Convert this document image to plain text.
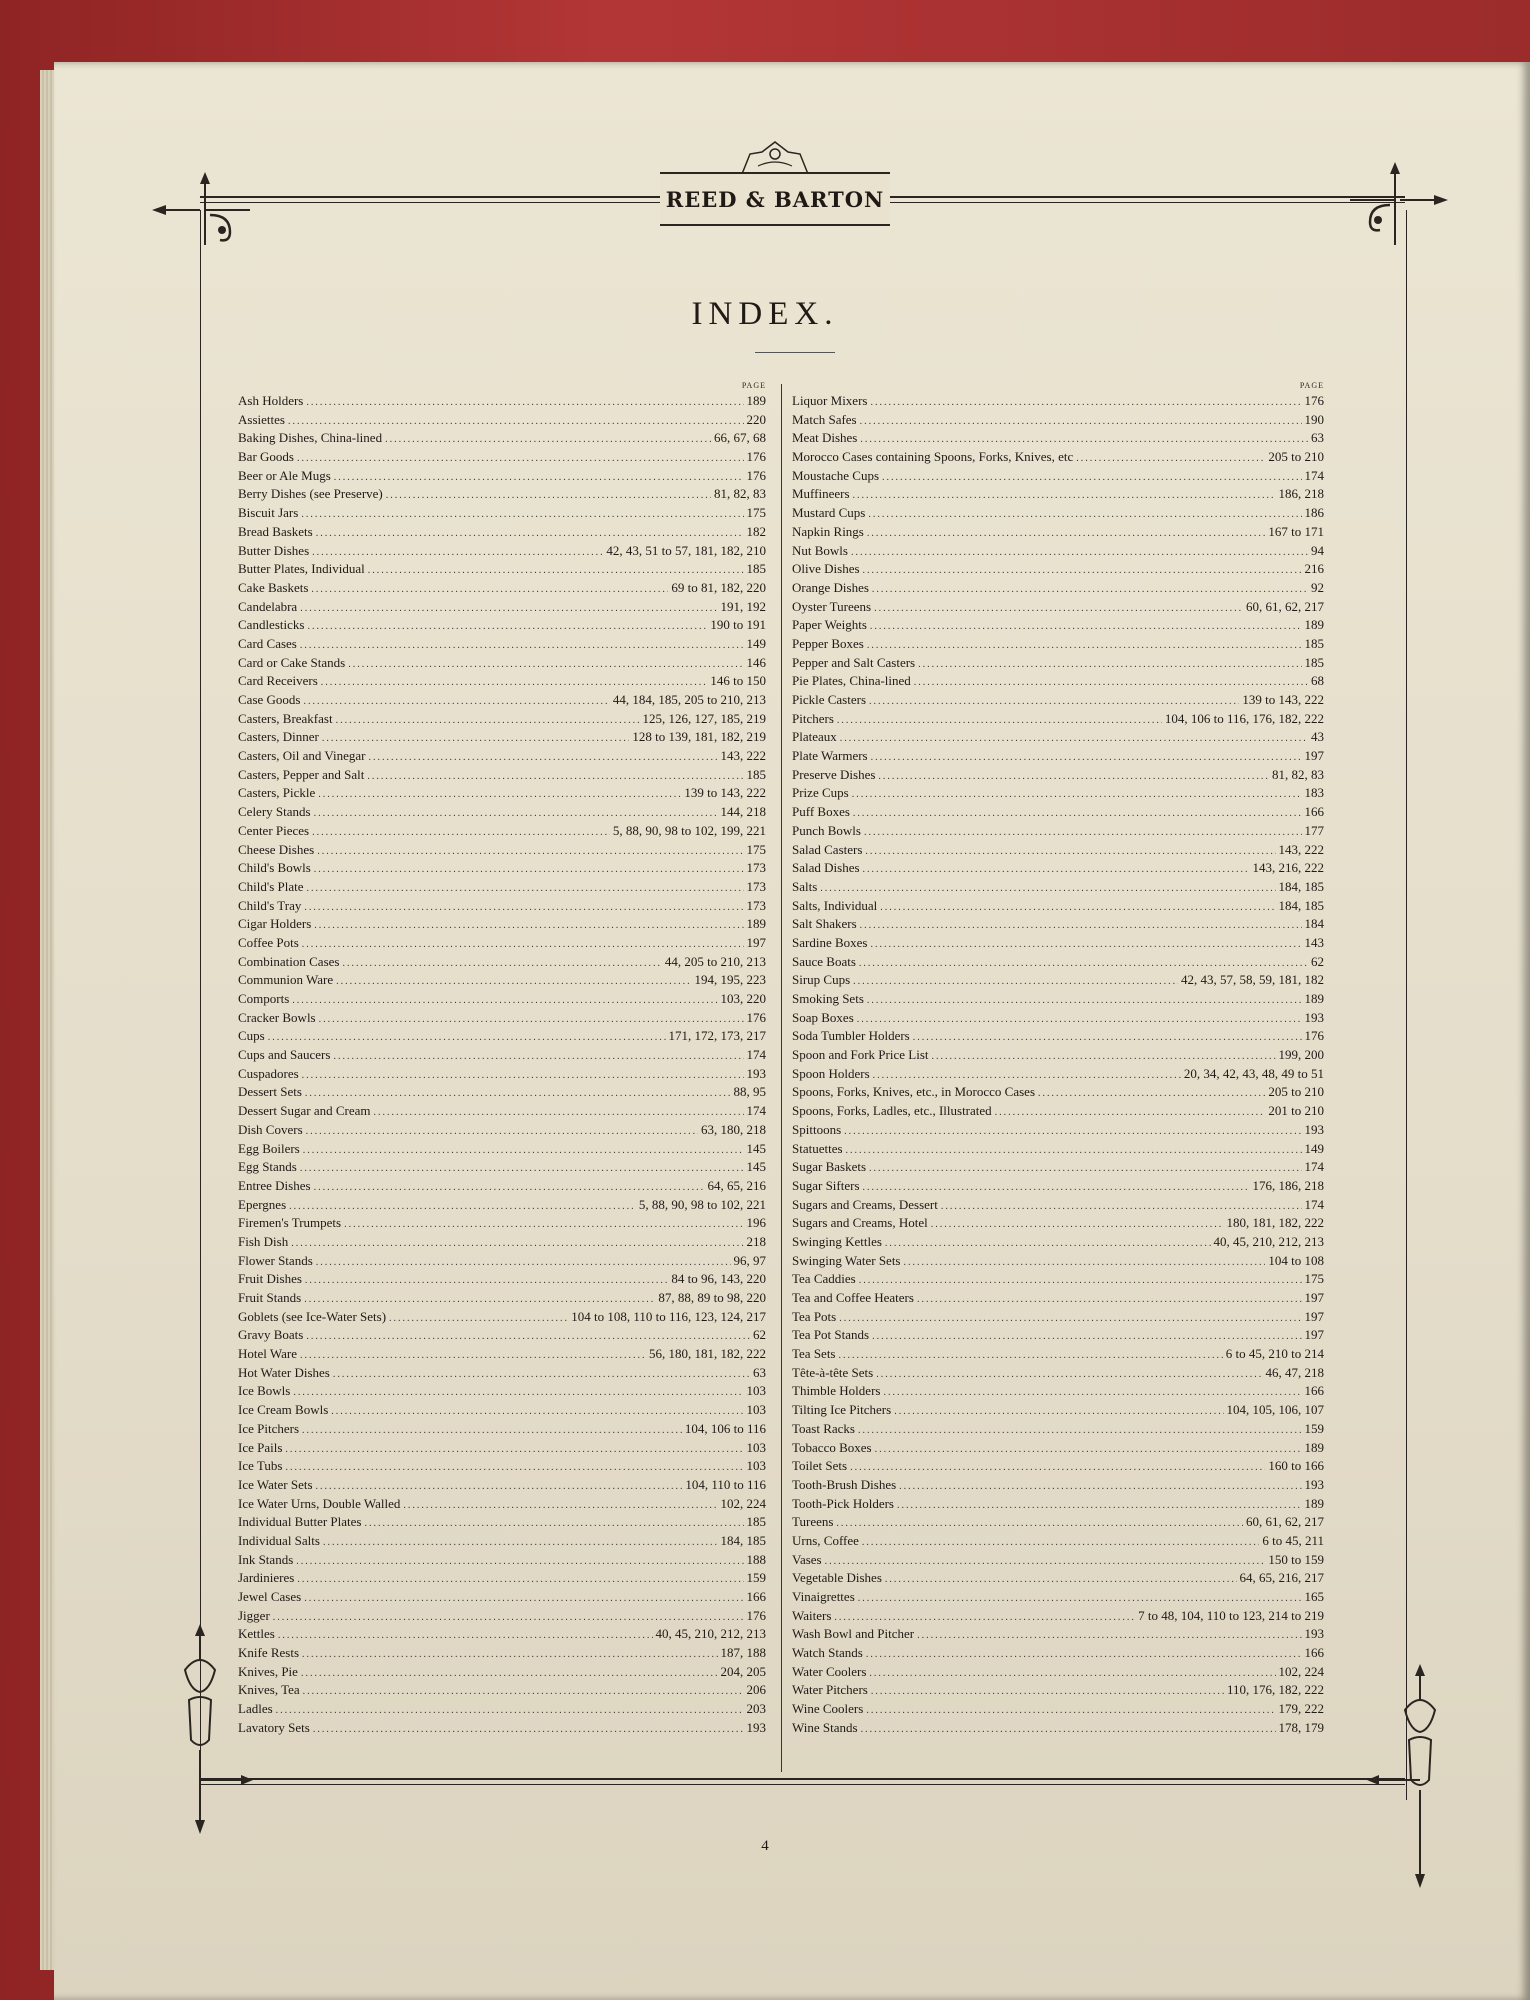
REED & BARTON
INDEX.
PAGE
Ash Holders .....	189
Assiettes .....	220
Baking Dishes, China-lined .....	66, 67, 68
Bar Goods .....	176
Beer or Ale Mugs .....	176
Berry Dishes (see Preserve) .....	81, 82, 83
Biscuit Jars .....	175
Bread Baskets .....	182
Butter Dishes .....	42, 43, 51 to 57, 181, 182, 210
Butter Plates, Individual .....	185
Cake Baskets .....	69 to 81, 182, 220
Candelabra .....	191, 192
Candlesticks .....	190 to 191
Card Cases .....	149
Card or Cake Stands .....	146
Card Receivers .....	146 to 150
Case Goods .....	44, 184, 185, 205 to 210, 213
Casters, Breakfast .....	125, 126, 127, 185, 219
Casters, Dinner .....	128 to 139, 181, 182, 219
Casters, Oil and Vinegar .....	143, 222
Casters, Pepper and Salt .....	185
Casters, Pickle .....	139 to 143, 222
Celery Stands .....	144, 218
Center Pieces .....	5, 88, 90, 98 to 102, 199, 221
Cheese Dishes .....	175
Child's Bowls .....	173
Child's Plate .....	173
Child's Tray .....	173
Cigar Holders .....	189
Coffee Pots .....	197
Combination Cases .....	44, 205 to 210, 213
Communion Ware .....	194, 195, 223
Comports .....	103, 220
Cracker Bowls .....	176
Cups .....	171, 172, 173, 217
Cups and Saucers .....	174
Cuspadores .....	193
Dessert Sets .....	88, 95
Dessert Sugar and Cream .....	174
Dish Covers .....	63, 180, 218
Egg Boilers .....	145
Egg Stands .....	145
Entree Dishes .....	64, 65, 216
Epergnes .....	5, 88, 90, 98 to 102, 221
Firemen's Trumpets .....	196
Fish Dish .....	218
Flower Stands .....	96, 97
Fruit Dishes .....	84 to 96, 143, 220
Fruit Stands .....	87, 88, 89 to 98, 220
Goblets (see Ice-Water Sets) .....	104 to 108, 110 to 116, 123, 124, 217
Gravy Boats .....	62
Hotel Ware .....	56, 180, 181, 182, 222
Hot Water Dishes .....	63
Ice Bowls .....	103
Ice Cream Bowls .....	103
Ice Pitchers .....	104, 106 to 116
Ice Pails .....	103
Ice Tubs .....	103
Ice Water Sets .....	104, 110 to 116
Ice Water Urns, Double Walled .....	102, 224
Individual Butter Plates .....	185
Individual Salts .....	184, 185
Ink Stands .....	188
Jardinieres .....	159
Jewel Cases .....	166
Jigger .....	176
Kettles .....	40, 45, 210, 212, 213
Knife Rests .....	187, 188
Knives, Pie .....	204, 205
Knives, Tea .....	206
Ladles .....	203
Lavatory Sets .....	193
PAGE
Liquor Mixers .....	176
Match Safes .....	190
Meat Dishes .....	63
Morocco Cases containing Spoons, Forks, Knives, etc .....	205 to 210
Moustache Cups .....	174
Muffineers .....	186, 218
Mustard Cups .....	186
Napkin Rings .....	167 to 171
Nut Bowls .....	94
Olive Dishes .....	216
Orange Dishes .....	92
Oyster Tureens .....	60, 61, 62, 217
Paper Weights .....	189
Pepper Boxes .....	185
Pepper and Salt Casters .....	185
Pie Plates, China-lined .....	68
Pickle Casters .....	139 to 143, 222
Pitchers .....	104, 106 to 116, 176, 182, 222
Plateaux .....	43
Plate Warmers .....	197
Preserve Dishes .....	81, 82, 83
Prize Cups .....	183
Puff Boxes .....	166
Punch Bowls .....	177
Salad Casters .....	143, 222
Salad Dishes .....	143, 216, 222
Salts .....	184, 185
Salts, Individual .....	184, 185
Salt Shakers .....	184
Sardine Boxes .....	143
Sauce Boats .....	62
Sirup Cups .....	42, 43, 57, 58, 59, 181, 182
Smoking Sets .....	189
Soap Boxes .....	193
Soda Tumbler Holders .....	176
Spoon and Fork Price List .....	199, 200
Spoon Holders .....	20, 34, 42, 43, 48, 49 to 51
Spoons, Forks, Knives, etc., in Morocco Cases .....	205 to 210
Spoons, Forks, Ladles, etc., Illustrated .....	201 to 210
Spittoons .....	193
Statuettes .....	149
Sugar Baskets .....	174
Sugar Sifters .....	176, 186, 218
Sugars and Creams, Dessert .....	174
Sugars and Creams, Hotel .....	180, 181, 182, 222
Swinging Kettles .....	40, 45, 210, 212, 213
Swinging Water Sets .....	104 to 108
Tea Caddies .....	175
Tea and Coffee Heaters .....	197
Tea Pots .....	197
Tea Pot Stands .....	197
Tea Sets .....	6 to 45, 210 to 214
Tête-à-tête Sets .....	46, 47, 218
Thimble Holders .....	166
Tilting Ice Pitchers .....	104, 105, 106, 107
Toast Racks .....	159
Tobacco Boxes .....	189
Toilet Sets .....	160 to 166
Tooth-Brush Dishes .....	193
Tooth-Pick Holders .....	189
Tureens .....	60, 61, 62, 217
Urns, Coffee .....	6 to 45, 211
Vases .....	150 to 159
Vegetable Dishes .....	64, 65, 216, 217
Vinaigrettes .....	165
Waiters .....	7 to 48, 104, 110 to 123, 214 to 219
Wash Bowl and Pitcher .....	193
Watch Stands .....	166
Water Coolers .....	102, 224
Water Pitchers .....	110, 176, 182, 222
Wine Coolers .....	179, 222
Wine Stands .....	178, 179
4
